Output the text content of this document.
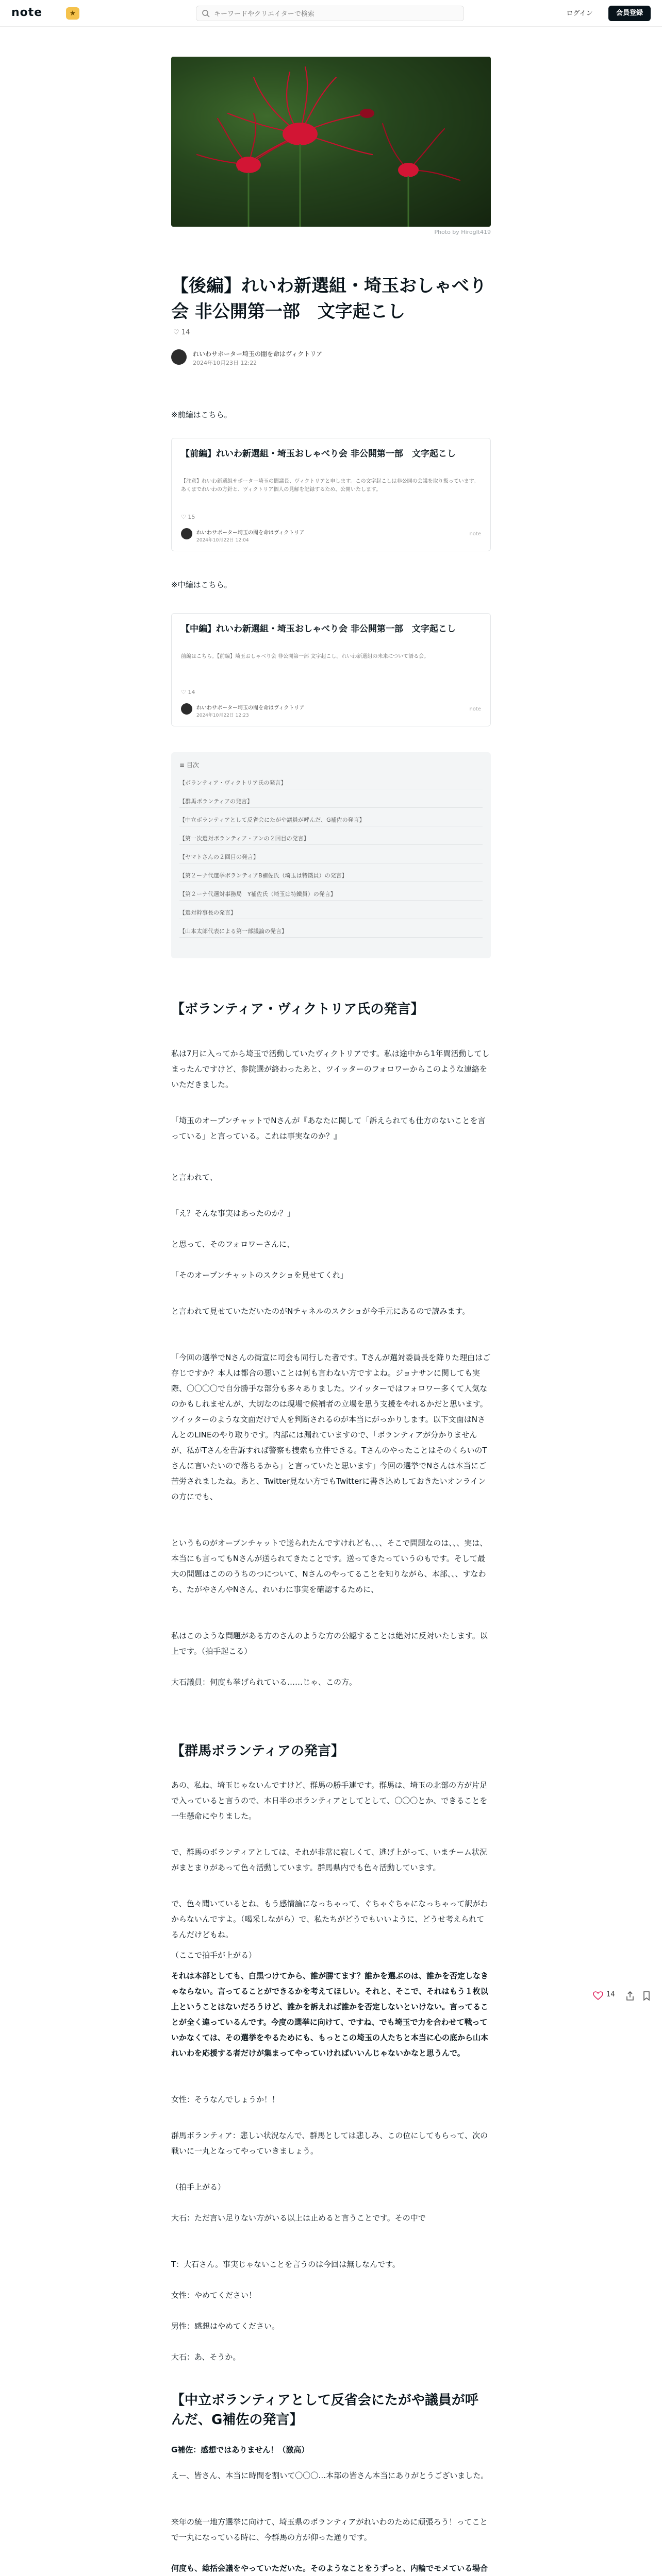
note	★
キーワードやクリエイターで検索	ログイン	会員登録
Photo by Hiroglt419
【後編】れいわ新選組・埼玉おしゃべり会 非公開第一部　文字起こし
♡ 14
れいわサポーター埼玉の闇を命はヴィクトリア
2024年10月23日 12:22
※前編はこちら。
【前編】れいわ新選組・埼玉おしゃべり会 非公開第一部　文字起こし
【注意】れいわ新選組サポーター埼玉の闇議長、ヴィクトリアと申します。この文字起こしは非公開の会議を取り扱っています。あくまでれいわの方針と、ヴィクトリア個人の見解を記録するため、公開いたします。
♡ 15
れいわサポーター埼玉の闇を命はヴィクトリア
2024年10月22日 12:04
note
※中編はこちら。
【中編】れいわ新選組・埼玉おしゃべり会 非公開第一部　文字起こし
前編はこちら。【前編】埼玉おしゃべり会 非公開第一部 文字起こし。れいわ新選組の未来について語る会。
♡ 14
れいわサポーター埼玉の闇を命はヴィクトリア
2024年10月22日 12:23
note
≡ 目次
【ボランティア・ヴィクトリア氏の発言】
【群馬ボランティアの発言】
【中立ボランティアとして反省会にたがや議員が呼んだ、G補佐の発言】
【第一次選対ボランティア・アンの２回目の発言】
【ヤマトさんの２回目の発言】
【第２ーナ代選挙ボランティアB補佐氏（埼玉は特鐵員）の発言】
【第２ーナ代選対事務局　Y補佐氏（埼玉は特鐵員）の発言】
【選対幹事長の発言】
【山本太郎代表による第一部議論の発言】
【ボランティア・ヴィクトリア氏の発言】
私は7月に入ってから埼玉で活動していたヴィクトリアです。私は途中から1年間活動してしまったんですけど、参院選が終わったあと、ツイッターのフォロワーからこのような連絡をいただきました。
「埼玉のオープンチャットでNさんが『あなたに関して「訴えられても仕方のないことを言っている」と言っている。これは事実なのか？』
と言われて、
「え？そんな事実はあったのか？」
と思って、そのフォロワーさんに、
「そのオープンチャットのスクショを見せてくれ」
と言われて見せていただいたのがNチャネルのスクショが今手元にあるので読みます。
「今回の選挙でNさんの街宣に司会も同行した者です。Tさんが選対委員長を降りた理由はご存じですか？本人は都合の悪いことは何も言わない方ですよね。ジョナサンに関しても実際、〇〇〇〇で自分勝手な部分も多々ありました。ツイッターではフォロワー多くて人気なのかもしれませんが、大切なのは現場で候補者の立場を思う支援をやれるかだと思います。ツイッターのような文面だけで人を判断されるのが本当にがっかりします。以下文面はNさんとのLINEのやり取りです。内部には漏れていますので、「ボランティアが分かりませんが、私がTさんを告訴すれば警察も捜索も立件できる。TさんのやったことはそのくらいのTさんに言いたいので落ちるから」と言っていたと思います」今回の選挙でNさんは本当にご苦労されましたね。あと、Twitter見ない方でもTwitterに書き込めしておきたいオンラインの方にでも、
というものがオープンチャットで送られたんですけれども、、、そこで問題なのは、、、実は、本当にも言ってもNさんが送られてきたことです。送ってきたっていうのもです。そして最大の問題はこののうちのつについて、Nさんのやってることを知りながら、本部、、、すなわち、たがやさんやNさん、れいわに事実を確認するために、
私はこのような問題がある方のさんのような方の公認することは絶対に反対いたします。以上です。（拍手起こる）
大石議員：何度も挙げられている……じゃ、この方。
【群馬ボランティアの発言】
あの、私ね、埼玉じゃないんですけど、群馬の勝手連です。群馬は、埼玉の北部の方が片足で入っていると言うので、本日半のボランティアとしてとして、〇〇〇とか、できることを一生懸命にやりました。
で、群馬のボランティアとしては、それが非常に寂しくて、逃げ上がって、いまチーム状況がまとまりがあって色々活動しています。群馬県内でも色々活動しています。
で、色々聞いているとね、もう感情論になっちゃって、ぐちゃぐちゃになっちゃって訳がわからないんですよ。（喝采しながら）で、私たちがどうでもいいように、どうせ考えられてるんだけどもね。
（ここで拍手が上がる）
それは本部としても、白黒つけてから、誰が勝てます？誰かを選ぶのは、誰かを否定しなきゃならない。言ってることができるかを考えてほしい。それと、そこで、それはもう１枚以上ということはないだろうけど、誰かを訴えれば誰かを否定しないといけない。言ってることが全く違っているんです。今度の選挙に向けて、ですね、でも埼玉で力を合わせて戦っていかなくては、その選挙をやるためにも、もっとこの埼玉の人たちと本当に心の底から山本れいわを応援する者だけが集まってやっていければいいんじゃないかなと思うんで。
女性：そうなんでしょうか！！
群馬ボランティア：悲しい状況なんで、群馬としては悲しみ、この位にしてもらって、次の戦いに一丸となってやっていきましょう。
（拍手上がる）
大石：ただ言い足りない方がいる以上は止めると言うことです。その中で
T：大石さん。事実じゃないことを言うのは今回は無しなんです。
女性：やめてください！
男性：感想はやめてください。
大石：あ、そうか。
【中立ボランティアとして反省会にたがや議員が呼んだ、G補佐の発言】
G補佐：感想ではありません！（激高）
えー、皆さん、本当に時間を割いて〇〇〇…本部の皆さん本当にありがとうございました。
来年の統一地方選挙に向けて、埼玉県のボランティアがれいわのために頑張ろう！ってことで一丸になっている時に、今群馬の方が仰った通りです。
何度も、総括会議をやっていただいた。そのようなことをうずっと、内輪でモメている場合
14
